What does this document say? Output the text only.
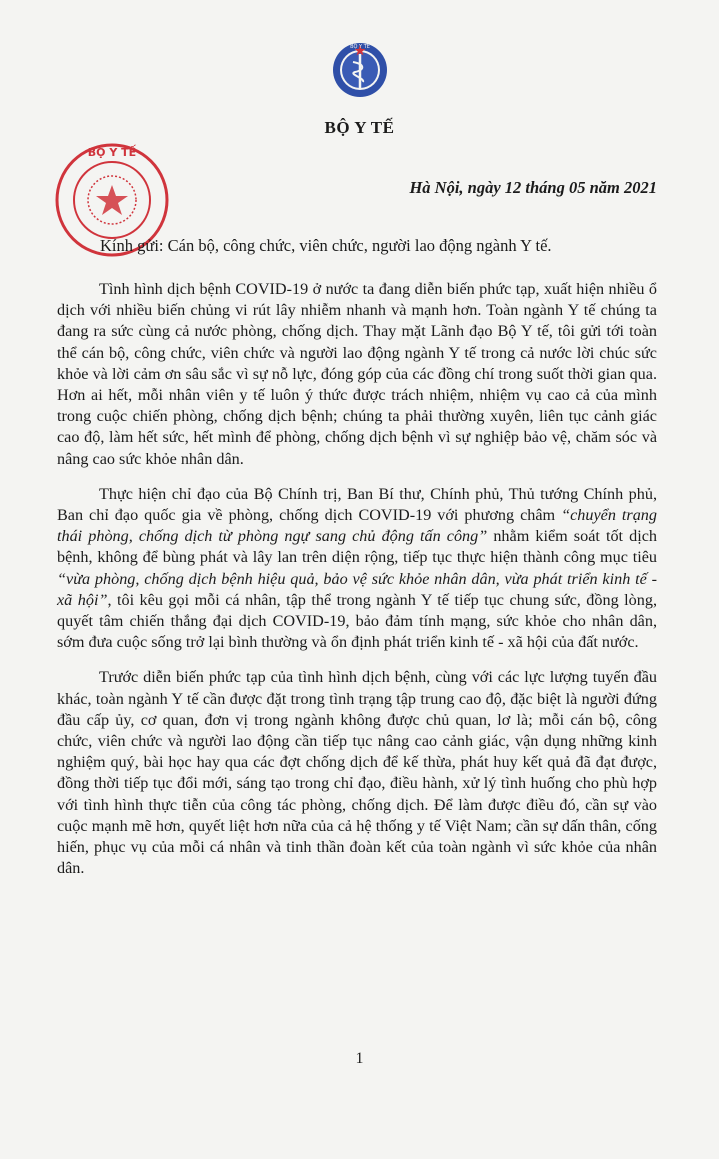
BỘ Y TẾ
BỘ Y TẾ
BỘ Y TẾ
Hà Nội, ngày 12 tháng 05 năm 2021
Kính gửi: Cán bộ, công chức, viên chức, người lao động ngành Y tế.

Tình hình dịch bệnh COVID-19 ở nước ta đang diễn biến phức tạp, xuất hiện nhiều ổ dịch với nhiều biến chủng vi rút lây nhiễm nhanh và mạnh hơn. Toàn ngành Y tế chúng ta đang ra sức cùng cả nước phòng, chống dịch. Thay mặt Lãnh đạo Bộ Y tế, tôi gửi tới toàn thể cán bộ, công chức, viên chức và người lao động ngành Y tế trong cả nước lời chúc sức khỏe và lời cảm ơn sâu sắc vì sự nỗ lực, đóng góp của các đồng chí trong suốt thời gian qua. Hơn ai hết, mỗi nhân viên y tế luôn ý thức được trách nhiệm, nhiệm vụ cao cả của mình trong cuộc chiến phòng, chống dịch bệnh; chúng ta phải thường xuyên, liên tục cảnh giác cao độ, làm hết sức, hết mình để phòng, chống dịch bệnh vì sự nghiệp bảo vệ, chăm sóc và nâng cao sức khỏe nhân dân.

Thực hiện chỉ đạo của Bộ Chính trị, Ban Bí thư, Chính phủ, Thủ tướng Chính phủ, Ban chỉ đạo quốc gia về phòng, chống dịch COVID-19 với phương châm “chuyển trạng thái phòng, chống dịch từ phòng ngự sang chủ động tấn công” nhằm kiểm soát tốt dịch bệnh, không để bùng phát và lây lan trên diện rộng, tiếp tục thực hiện thành công mục tiêu “vừa phòng, chống dịch bệnh hiệu quả, bảo vệ sức khỏe nhân dân, vừa phát triển kinh tế - xã hội”, tôi kêu gọi mỗi cá nhân, tập thể trong ngành Y tế tiếp tục chung sức, đồng lòng, quyết tâm chiến thắng đại dịch COVID-19, bảo đảm tính mạng, sức khỏe cho nhân dân, sớm đưa cuộc sống trở lại bình thường và ổn định phát triển kinh tế - xã hội của đất nước.

Trước diễn biến phức tạp của tình hình dịch bệnh, cùng với các lực lượng tuyến đầu khác, toàn ngành Y tế cần được đặt trong tình trạng tập trung cao độ, đặc biệt là người đứng đầu cấp ủy, cơ quan, đơn vị trong ngành không được chủ quan, lơ là; mỗi cán bộ, công chức, viên chức và người lao động cần tiếp tục nâng cao cảnh giác, vận dụng những kinh nghiệm quý, bài học hay qua các đợt chống dịch để kế thừa, phát huy kết quả đã đạt được, đồng thời tiếp tục đổi mới, sáng tạo trong chỉ đạo, điều hành, xử lý tình huống cho phù hợp với tình hình thực tiễn của công tác phòng, chống dịch. Để làm được điều đó, cần sự vào cuộc mạnh mẽ hơn, quyết liệt hơn nữa của cả hệ thống y tế Việt Nam; cần sự dấn thân, cống hiến, phục vụ của mỗi cá nhân và tinh thần đoàn kết của toàn ngành vì sức khỏe của nhân dân.

1
